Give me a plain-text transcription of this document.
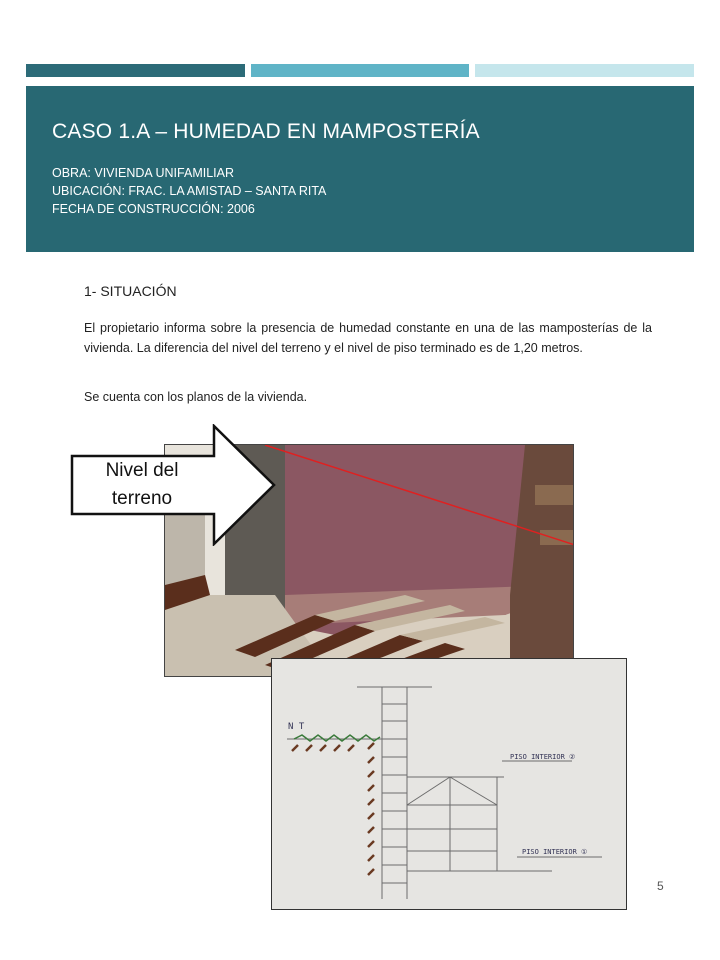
CASO 1.A – HUMEDAD EN MAMPOSTERÍA
OBRA: VIVIENDA UNIFAMILIAR
UBICACIÓN: FRAC. LA AMISTAD – SANTA RITA
FECHA DE CONSTRUCCIÓN: 2006
1- SITUACIÓN

El propietario informa sobre la presencia de humedad constante en una de las mamposterías de la vivienda. La diferencia del nivel del terreno y el nivel de piso terminado es de 1,20 metros.

Se cuenta con los planos de la vivienda.

N T
PISO INTERIOR ②
PISO INTERIOR ①
Nivel del
terreno
5
